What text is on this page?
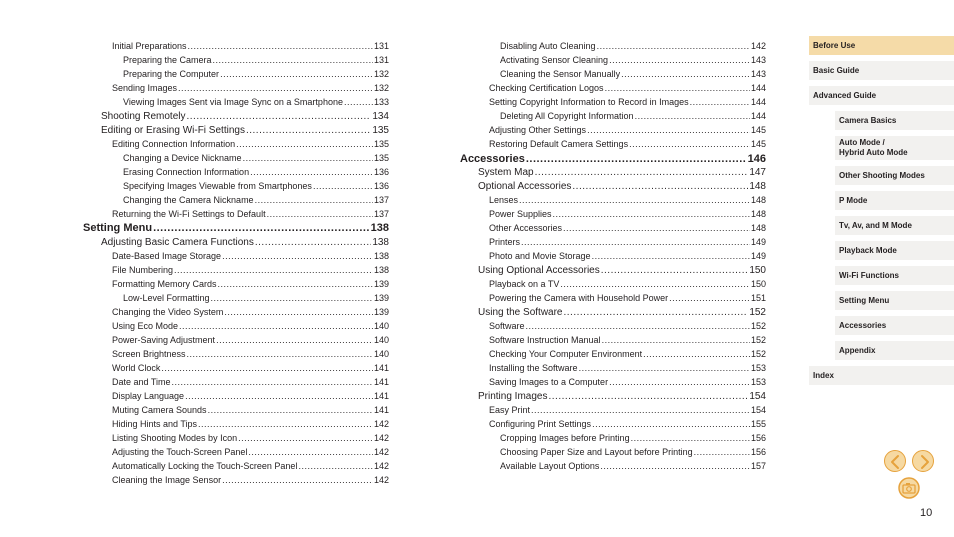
Initial Preparations .....	131
Preparing the Camera .....	131
Preparing the Computer .....	132
Sending Images .....	132
Viewing Images Sent via Image Sync on a Smartphone .....	133
Shooting Remotely .....	134
Editing or Erasing Wi-Fi Settings .....	135
Editing Connection Information .....	135
Changing a Device Nickname .....	135
Erasing Connection Information .....	136
Specifying Images Viewable from Smartphones .....	136
Changing the Camera Nickname .....	137
Returning the Wi-Fi Settings to Default .....	137
Setting Menu .....	138
Adjusting Basic Camera Functions .....	138
Date-Based Image Storage .....	138
File Numbering .....	138
Formatting Memory Cards .....	139
Low-Level Formatting .....	139
Changing the Video System .....	139
Using Eco Mode .....	140
Power-Saving Adjustment .....	140
Screen Brightness .....	140
World Clock .....	141
Date and Time .....	141
Display Language .....	141
Muting Camera Sounds .....	141
Hiding Hints and Tips .....	142
Listing Shooting Modes by Icon .....	142
Adjusting the Touch-Screen Panel .....	142
Automatically Locking the Touch-Screen Panel .....	142
Cleaning the Image Sensor .....	142
Disabling Auto Cleaning .....	142
Activating Sensor Cleaning .....	143
Cleaning the Sensor Manually .....	143
Checking Certification Logos .....	144
Setting Copyright Information to Record in Images .....	144
Deleting All Copyright Information .....	144
Adjusting Other Settings .....	145
Restoring Default Camera Settings .....	145
Accessories .....	146
System Map .....	147
Optional Accessories .....	148
Lenses .....	148
Power Supplies .....	148
Other Accessories .....	148
Printers .....	149
Photo and Movie Storage .....	149
Using Optional Accessories .....	150
Playback on a TV .....	150
Powering the Camera with Household Power .....	151
Using the Software .....	152
Software .....	152
Software Instruction Manual .....	152
Checking Your Computer Environment .....	152
Installing the Software .....	153
Saving Images to a Computer .....	153
Printing Images .....	154
Easy Print .....	154
Configuring Print Settings .....	155
Cropping Images before Printing .....	156
Choosing Paper Size and Layout before Printing .....	156
Available Layout Options .....	157
Before Use
Basic Guide
Advanced Guide
Camera Basics
Auto Mode /
Hybrid Auto Mode
Other Shooting Modes
P Mode
Tv, Av, and M Mode
Playback Mode
Wi-Fi Functions
Setting Menu
Accessories
Appendix
Index
10
